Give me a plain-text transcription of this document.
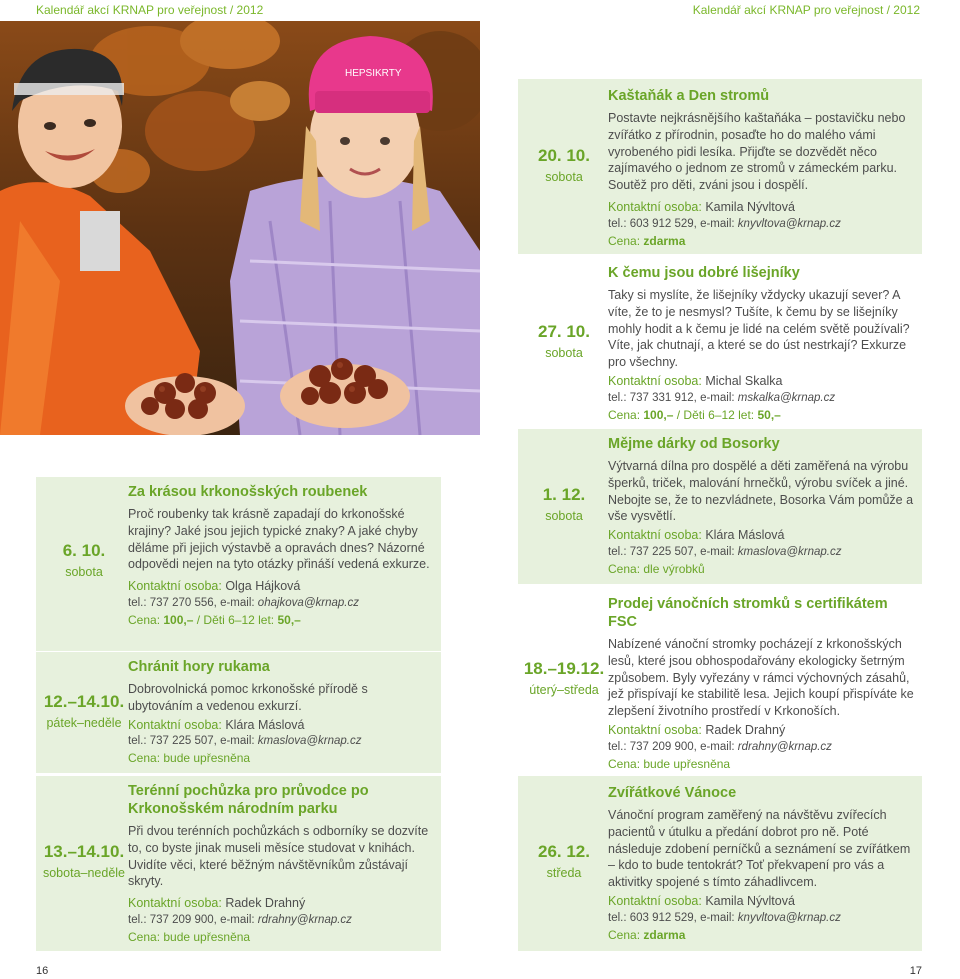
Kalendář akcí KRNAP pro veřejnost / 2012	Kalendář akcí KRNAP pro veřejnost / 2012
HEPSIKRTY
6. 10.
sobota
Za krásou krkonošských roubenek
Proč roubenky tak krásně zapadají do krkonošské krajiny? Jaké jsou jejich typické znaky? A jaké chyby děláme při jejich výstavbě a opravách dnes? Názorné odpovědi nejen na tyto otázky přináší vedená exkurze.
Kontaktní osoba: Olga Hájková
tel.: 737 270 556, e-mail: ohajkova@krnap.cz
Cena: 100,– / Děti 6–12 let: 50,–
12.–14.10.
pátek–neděle
Chránit hory rukama
Dobrovolnická pomoc krkonošské přírodě s ubytováním a vedenou exkurzí.
Kontaktní osoba: Klára Máslová
tel.: 737 225 507, e-mail: kmaslova@krnap.cz
Cena: bude upřesněna
13.–14.10.
sobota–neděle
Terénní pochůzka pro průvodce po Krkonošském národním parku
Při dvou terénních pochůzkách s odborníky se dozvíte to, co byste jinak museli měsíce studovat v knihách. Uvidíte věci, které běžným návštěvníkům zůstávají skryty.
Kontaktní osoba: Radek Drahný
tel.: 737 209 900, e-mail: rdrahny@krnap.cz
Cena: bude upřesněna
20. 10.
sobota
Kaštaňák a Den stromů
Postavte nejkrásnějšího kaštaňáka – postavičku nebo zvířátko z přírodnin, posaďte ho do malého vámi vyrobeného pidi lesíka. Přijďte se dozvědět něco zajímavého o jednom ze stromů v zámeckém parku. Soutěž pro děti, zváni jsou i dospělí.
Kontaktní osoba: Kamila Nývltová
tel.: 603 912 529, e-mail: knyvltova@krnap.cz
Cena: zdarma
27. 10.
sobota
K čemu jsou dobré lišejníky
Taky si myslíte, že lišejníky vždycky ukazují sever? A víte, že to je nesmysl? Tušíte, k čemu by se lišejníky mohly hodit a k čemu je lidé na celém světě používali? Víte, jak chutnají, a které se do úst nestrkají? Exkurze pro všechny.
Kontaktní osoba: Michal Skalka
tel.: 737 331 912, e-mail: mskalka@krnap.cz
Cena: 100,– / Děti 6–12 let: 50,–
1. 12.
sobota
Mějme dárky od Bosorky
Výtvarná dílna pro dospělé a děti zaměřená na výrobu šperků, triček, malování hrnečků, výrobu svíček a jiné. Nebojte se, že to nezvládnete, Bosorka Vám pomůže a vše vysvětlí.
Kontaktní osoba: Klára Máslová
tel.: 737 225 507, e-mail: kmaslova@krnap.cz
Cena: dle výrobků
18.–19.12.
úterý–středa
Prodej vánočních stromků s certifikátem FSC
Nabízené vánoční stromky pocházejí z krkonošských lesů, které jsou obhospodařovány ekologicky šetrným způsobem. Byly vyřezány v rámci výchovných zásahů, jež přispívají ke stabilitě lesa. Jejich koupí přispíváte ke zlepšení životního prostředí v Krkonoších.
Kontaktní osoba: Radek Drahný
tel.: 737 209 900, e-mail: rdrahny@krnap.cz
Cena: bude upřesněna
26. 12.
středa
Zvířátkové Vánoce
Vánoční program zaměřený na návštěvu zvířecích pacientů v útulku a předání dobrot pro ně. Poté následuje zdobení perníčků a seznámení se zvířátkem – kdo to bude tentokrát? Toť překvapení pro vás a aktivitky spojené s tímto záhadlivcem.
Kontaktní osoba: Kamila Nývltová
tel.: 603 912 529, e-mail: knyvltova@krnap.cz
Cena: zdarma
16	17
